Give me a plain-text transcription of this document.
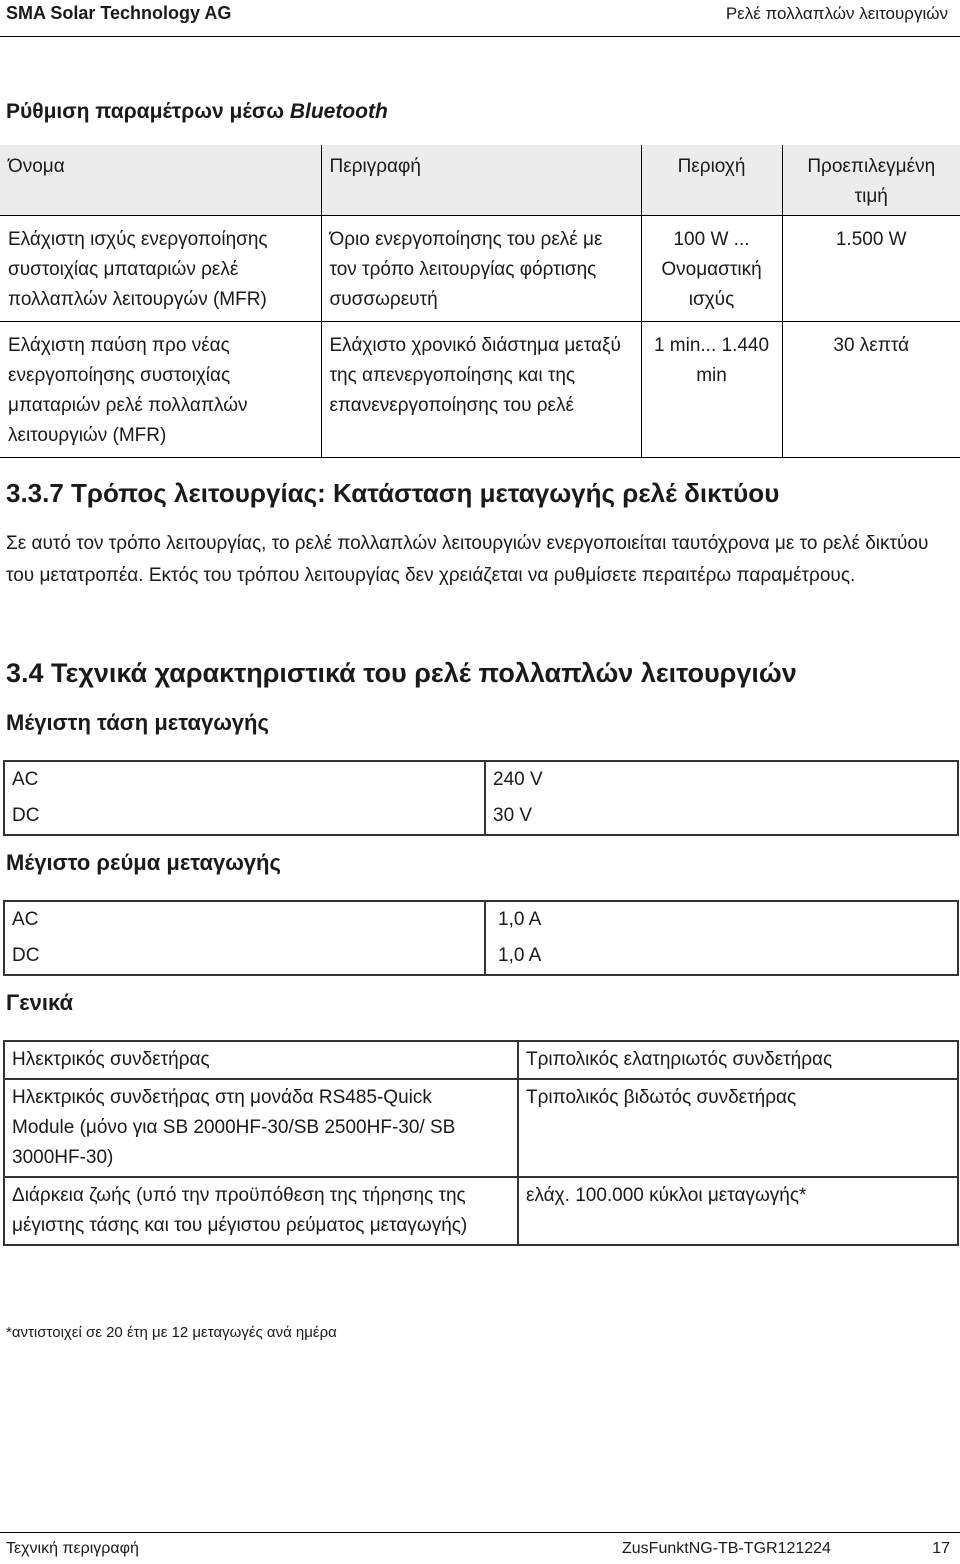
SMA Solar Technology AG	Ρελέ πολλαπλών λειτουργιών
Ρύθμιση παραμέτρων μέσω Bluetooth
Όνομα	Περιγραφή	Περιοχή	Προεπιλεγμένη τιμή
Ελάχιστη ισχύς ενεργοποίησης συστοιχίας μπαταριών ρελέ πολλαπλών λειτουργών (MFR)	Όριο ενεργοποίησης του ρελέ με τον τρόπο λειτουργίας φόρτισης συσσωρευτή	100 W ... Ονομαστική ισχύς	1.500 W
Ελάχιστη παύση προ νέας ενεργοποίησης συστοιχίας μπαταριών ρελέ πολλαπλών λειτουργιών (MFR)	Ελάχιστο χρονικό διάστημα μεταξύ της απενεργοποίησης και της επανενεργοποίησης του ρελέ	1 min... 1.440 min	30 λεπτά
3.3.7 Τρόπος λειτουργίας: Κατάσταση μεταγωγής ρελέ δικτύου
Σε αυτό τον τρόπο λειτουργίας, το ρελέ πολλαπλών λειτουργιών ενεργοποιείται ταυτόχρονα με το ρελέ δικτύου του μετατροπέα. Εκτός του τρόπου λειτουργίας δεν χρειάζεται να ρυθμίσετε περαιτέρω παραμέτρους.
3.4 Τεχνικά χαρακτηριστικά του ρελέ πολλαπλών λειτουργιών
Μέγιστη τάση μεταγωγής
AC	240 V
DC	30 V
Μέγιστο ρεύμα μεταγωγής
AC	1,0 A
DC	1,0 A
Γενικά
Ηλεκτρικός συνδετήρας	Τριπολικός ελατηριωτός συνδετήρας
Ηλεκτρικός συνδετήρας στη μονάδα RS485-Quick Module (μόνο για SB 2000HF-30/SB 2500HF-30/ SB 3000HF-30)	Τριπολικός βιδωτός συνδετήρας
Διάρκεια ζωής (υπό την προϋπόθεση της τήρησης της μέγιστης τάσης και του μέγιστου ρεύματος μεταγωγής)	ελάχ. 100.000 κύκλοι μεταγωγής*
*αντιστοιχεί σε 20 έτη με 12 μεταγωγές ανά ημέρα
Τεχνική περιγραφή	ZusFunktNG-TB-TGR121224	17
